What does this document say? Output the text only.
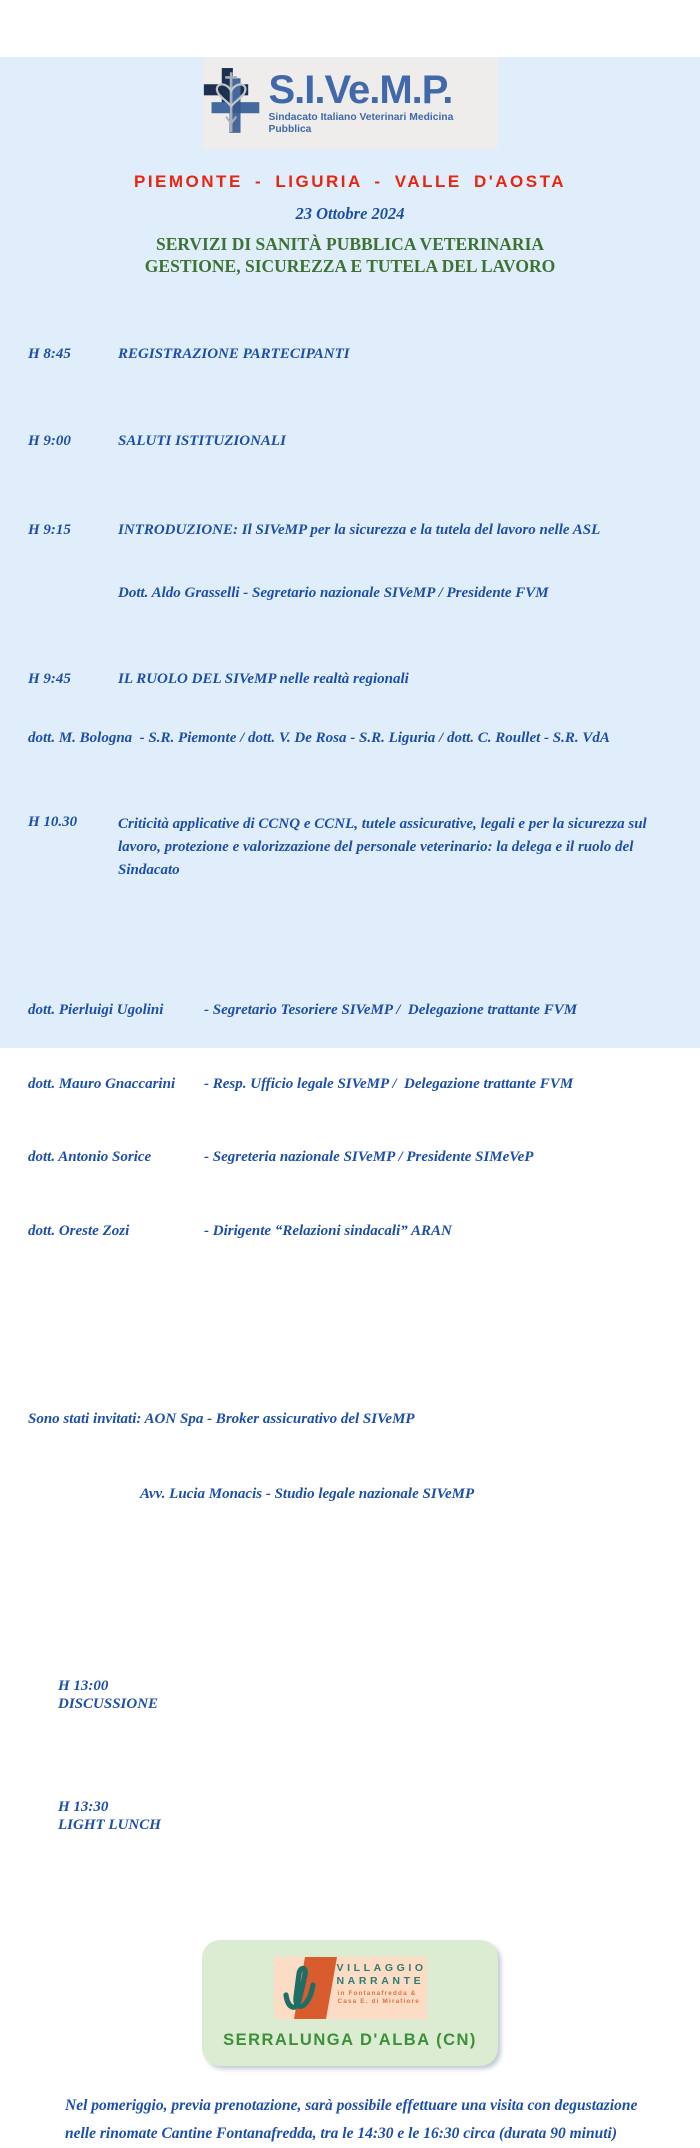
S.I.Ve.M.P.
Sindacato Italiano Veterinari Medicina Pubblica
PIEMONTE - LIGURIA - VALLE D'AOSTA
23 Ottobre 2024
SERVIZI DI SANITÀ PUBBLICA VETERINARIA
GESTIONE, SICUREZZA E TUTELA DEL LAVORO

H 8:45	REGISTRAZIONE PARTECIPANTI

H 9:00	SALUTI ISTITUZIONALI

H 9:15	INTRODUZIONE: Il SIVeMP per la sicurezza e la tutela del lavoro nelle ASL

Dott. Aldo Grasselli - Segretario nazionale SIVeMP / Presidente FVM

H 9:45	IL RUOLO DEL SIVeMP nelle realtà regionali

dott. M. Bologna  - S.R. Piemonte / dott. V. De Rosa - S.R. Liguria / dott. C. Roullet - S.R. VdA

H 10.30	Criticità applicative di CCNQ e CCNL, tutele assicurative, legali e per la sicurezza sul lavoro, protezione e valorizzazione del personale veterinario: la delega e il ruolo del Sindacato

dott. Pierluigi Ugolini	- Segretario Tesoriere SIVeMP /  Delegazione trattante FVM

dott. Mauro Gnaccarini	- Resp. Ufficio legale SIVeMP /  Delegazione trattante FVM

dott. Antonio Sorice	- Segreteria nazionale SIVeMP / Presidente SIMeVeP

dott. Oreste Zozi	- Dirigente “Relazioni sindacali” ARAN

Sono stati invitati: AON Spa - Broker assicurativo del SIVeMP

Avv. Lucia Monacis - Studio legale nazionale SIVeMP

H 13:00
DISCUSSIONE

H 13:30
LIGHT LUNCH

VILLAGGIO
NARRANTE
in Fontanafredda &
Casa E. di Mirafiore
SERRALUNGA D'ALBA (CN)
Nel pomeriggio, previa prenotazione, sarà possibile effettuare una visita con degustazione
nelle rinomate Cantine Fontanafredda, tra le 14:30 e le 16:30 circa (durata 90 minuti)
